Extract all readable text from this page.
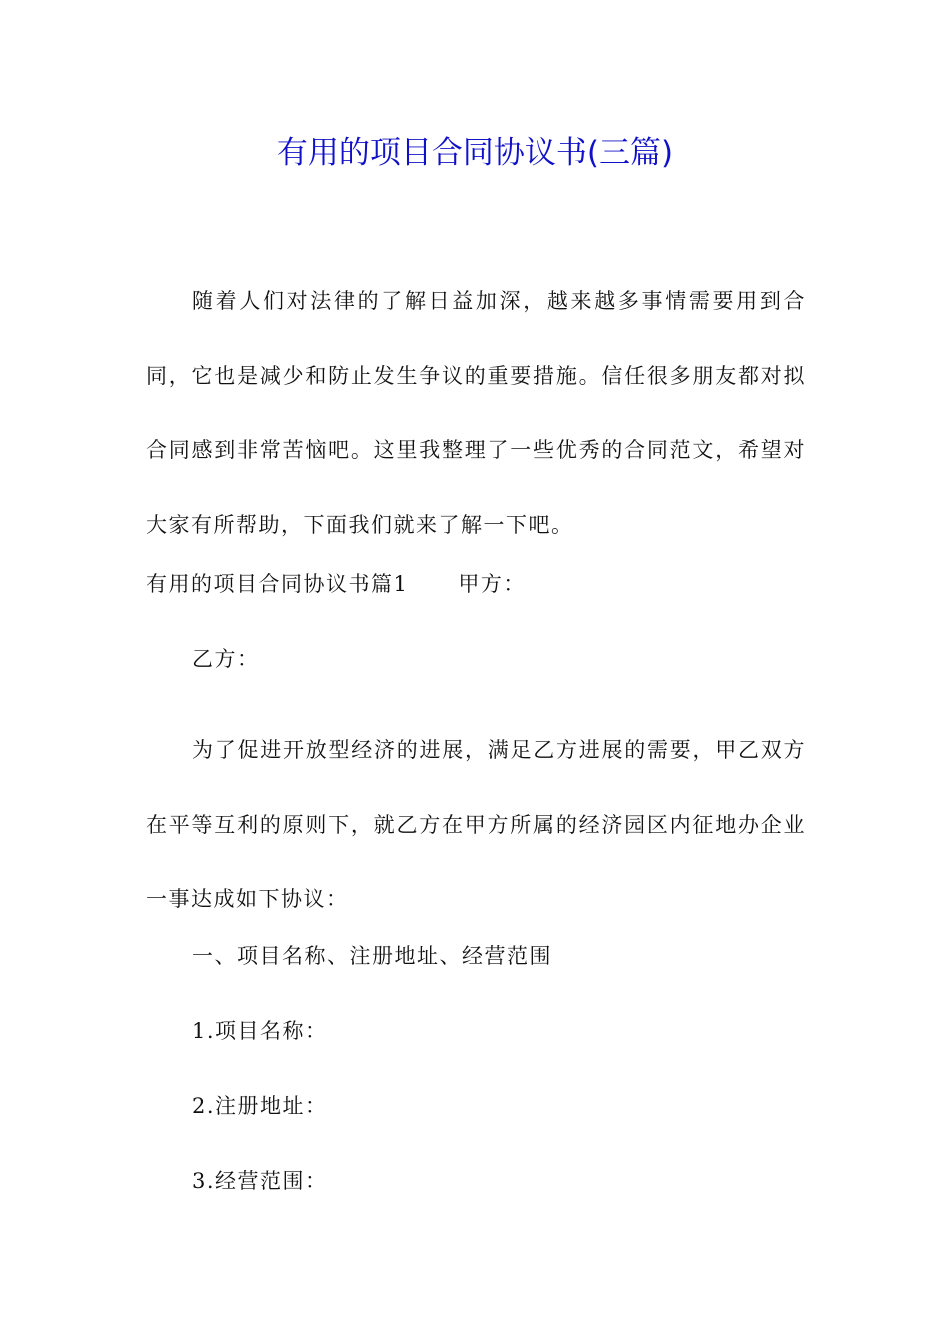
有用的项目合同协议书(三篇)
随着人们对法律的了解日益加深，越来越多事情需要用到合同，它也是减少和防止发生争议的重要措施。信任很多朋友都对拟合同感到非常苦恼吧。这里我整理了一些优秀的合同范文，希望对大家有所帮助，下面我们就来了解一下吧。
有用的项目合同协议书篇1 甲方：
乙方：
为了促进开放型经济的进展，满足乙方进展的需要，甲乙双方在平等互利的原则下，就乙方在甲方所属的经济园区内征地办企业一事达成如下协议：
一、项目名称、注册地址、经营范围
1.项目名称：
2.注册地址：
3.经营范围：
